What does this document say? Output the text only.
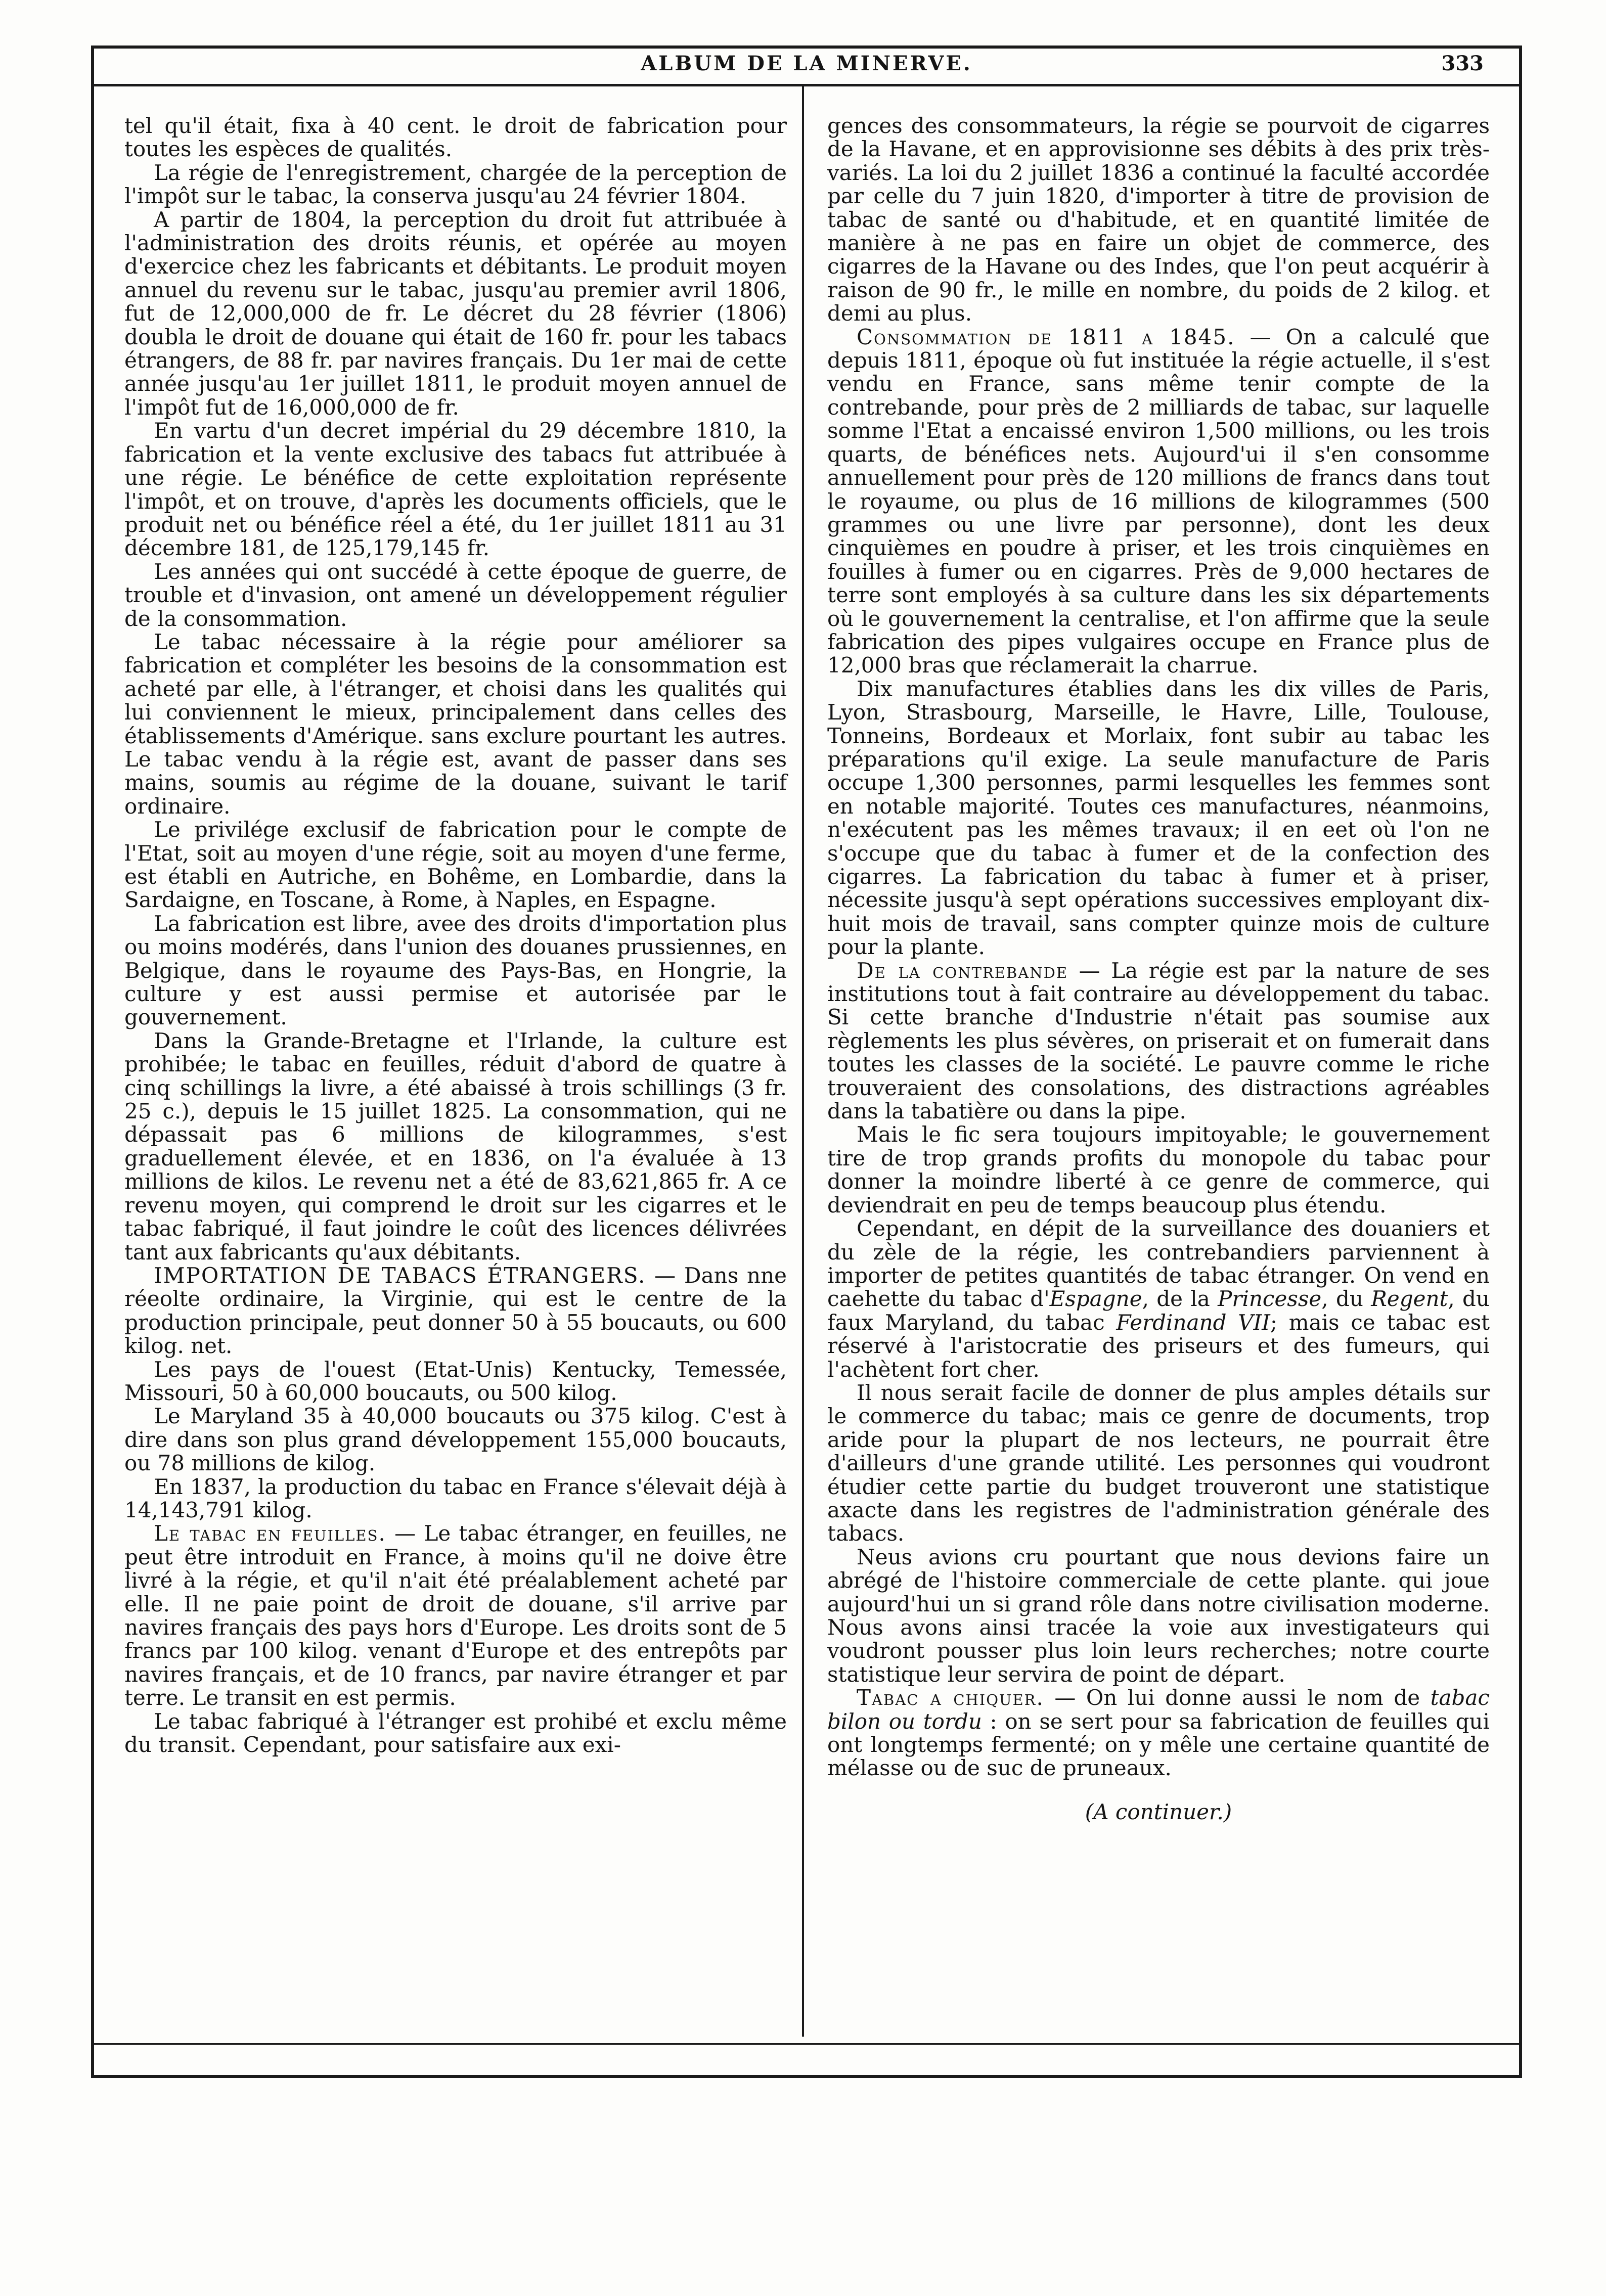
ALBUM DE LA MINERVE.	333

tel qu'il était, fixa à 40 cent. le droit de fabrication pour toutes les espèces de qualités.

La régie de l'enregistrement, chargée de la perception de l'impôt sur le tabac, la conserva jusqu'au 24 février 1804.

A partir de 1804, la perception du droit fut attribuée à l'administration des droits réunis, et opérée au moyen d'exercice chez les fabricants et débitants. Le produit moyen annuel du revenu sur le tabac, jusqu'au premier avril 1806, fut de 12,000,000 de fr. Le décret du 28 février (1806) doubla le droit de douane qui était de 160 fr. pour les tabacs étrangers, de 88 fr. par navires français. Du 1er mai de cette année jusqu'au 1er juillet 1811, le produit moyen annuel de l'impôt fut de 16,000,000 de fr.

En vartu d'un decret impérial du 29 décembre 1810, la fabrication et la vente exclusive des tabacs fut attribuée à une régie. Le bénéfice de cette exploitation représente l'impôt, et on trouve, d'après les documents officiels, que le produit net ou bénéfice réel a été, du 1er juillet 1811 au 31 décembre 181, de 125,179,145 fr.

Les années qui ont succédé à cette époque de guerre, de trouble et d'invasion, ont amené un développement régulier de la consommation.

Le tabac nécessaire à la régie pour améliorer sa fabrication et compléter les besoins de la consommation est acheté par elle, à l'étranger, et choisi dans les qualités qui lui conviennent le mieux, principalement dans celles des établissements d'Amérique. sans exclure pourtant les autres. Le tabac vendu à la régie est, avant de passer dans ses mains, soumis au régime de la douane, suivant le tarif ordinaire.

Le privilége exclusif de fabrication pour le compte de l'Etat, soit au moyen d'une régie, soit au moyen d'une ferme, est établi en Autriche, en Bohême, en Lombardie, dans la Sardaigne, en Toscane, à Rome, à Naples, en Espagne.

La fabrication est libre, avee des droits d'importation plus ou moins modérés, dans l'union des douanes prussiennes, en Belgique, dans le royaume des Pays-Bas, en Hongrie, la culture y est aussi permise et autorisée par le gouvernement.

Dans la Grande-Bretagne et l'Irlande, la culture est prohibée; le tabac en feuilles, réduit d'abord de quatre à cinq schillings la livre, a été abaissé à trois schillings (3 fr. 25 c.), depuis le 15 juillet 1825. La consommation, qui ne dépassait pas 6 millions de kilogrammes, s'est graduellement élevée, et en 1836, on l'a évaluée à 13 millions de kilos. Le revenu net a été de 83,621,865 fr. A ce revenu moyen, qui comprend le droit sur les cigarres et le tabac fabriqué, il faut joindre le coût des licences délivrées tant aux fabricants qu'aux débitants.

IMPORTATION DE TABACS ÉTRANGERS. — Dans nne réeolte ordinaire, la Virginie, qui est le centre de la production principale, peut donner 50 à 55 boucauts, ou 600 kilog. net.

Les pays de l'ouest (Etat-Unis) Kentucky, Temessée, Missouri, 50 à 60,000 boucauts, ou 500 kilog.

Le Maryland 35 à 40,000 boucauts ou 375 kilog. C'est à dire dans son plus grand développement 155,000 boucauts, ou 78 millions de kilog.

En 1837, la production du tabac en France s'élevait déjà à 14,143,791 kilog.

Le tabac en feuilles. — Le tabac étranger, en feuilles, ne peut être introduit en France, à moins qu'il ne doive être livré à la régie, et qu'il n'ait été préalablement acheté par elle. Il ne paie point de droit de douane, s'il arrive par navires français des pays hors d'Europe. Les droits sont de 5 francs par 100 kilog. venant d'Europe et des entrepôts par navires français, et de 10 francs, par navire étranger et par terre. Le transit en est permis.

Le tabac fabriqué à l'étranger est prohibé et exclu même du transit. Cependant, pour satisfaire aux exi-

gences des consommateurs, la régie se pourvoit de cigarres de la Havane, et en approvisionne ses débits à des prix très-variés. La loi du 2 juillet 1836 a continué la faculté accordée par celle du 7 juin 1820, d'importer à titre de provision de tabac de santé ou d'habitude, et en quantité limitée de manière à ne pas en faire un objet de commerce, des cigarres de la Havane ou des Indes, que l'on peut acquérir à raison de 90 fr., le mille en nombre, du poids de 2 kilog. et demi au plus.

Consommation de 1811 a 1845. — On a calculé que depuis 1811, époque où fut instituée la régie actuelle, il s'est vendu en France, sans même tenir compte de la contrebande, pour près de 2 milliards de tabac, sur laquelle somme l'Etat a encaissé environ 1,500 millions, ou les trois quarts, de bénéfices nets. Aujourd'ui il s'en consomme annuellement pour près de 120 millions de francs dans tout le royaume, ou plus de 16 millions de kilogrammes (500 grammes ou une livre par personne), dont les deux cinquièmes en poudre à priser, et les trois cinquièmes en fouilles à fumer ou en cigarres. Près de 9,000 hectares de terre sont employés à sa culture dans les six départements où le gouvernement la centralise, et l'on affirme que la seule fabrication des pipes vulgaires occupe en France plus de 12,000 bras que réclamerait la charrue.

Dix manufactures établies dans les dix villes de Paris, Lyon, Strasbourg, Marseille, le Havre, Lille, Toulouse, Tonneins, Bordeaux et Morlaix, font subir au tabac les préparations qu'il exige. La seule manufacture de Paris occupe 1,300 personnes, parmi lesquelles les femmes sont en notable majorité. Toutes ces manufactures, néanmoins, n'exécutent pas les mêmes travaux; il en eet où l'on ne s'occupe que du tabac à fumer et de la confection des cigarres. La fabrication du tabac à fumer et à priser, nécessite jusqu'à sept opérations successives employant dix-huit mois de travail, sans compter quinze mois de culture pour la plante.

De la contrebande — La régie est par la nature de ses institutions tout à fait contraire au développement du tabac. Si cette branche d'Industrie n'était pas soumise aux règlements les plus sévères, on priserait et on fumerait dans toutes les classes de la société. Le pauvre comme le riche trouveraient des consolations, des distractions agréables dans la tabatière ou dans la pipe.

Mais le fic sera toujours impitoyable; le gouvernement tire de trop grands profits du monopole du tabac pour donner la moindre liberté à ce genre de commerce, qui deviendrait en peu de temps beaucoup plus étendu.

Cependant, en dépit de la surveillance des douaniers et du zèle de la régie, les contrebandiers parviennent à importer de petites quantités de tabac étranger. On vend en caehette du tabac d'Espagne, de la Princesse, du Regent, du faux Maryland, du tabac Ferdinand VII; mais ce tabac est réservé à l'aristocratie des priseurs et des fumeurs, qui l'achètent fort cher.

Il nous serait facile de donner de plus amples détails sur le commerce du tabac; mais ce genre de documents, trop aride pour la plupart de nos lecteurs, ne pourrait être d'ailleurs d'une grande utilité. Les personnes qui voudront étudier cette partie du budget trouveront une statistique axacte dans les registres de l'administration générale des tabacs.

Neus avions cru pourtant que nous devions faire un abrégé de l'histoire commerciale de cette plante. qui joue aujourd'hui un si grand rôle dans notre civilisation moderne. Nous avons ainsi tracée la voie aux investigateurs qui voudront pousser plus loin leurs recherches; notre courte statistique leur servira de point de départ.

Tabac a chiquer. — On lui donne aussi le nom de tabac bilon ou tordu : on se sert pour sa fabrication de feuilles qui ont longtemps fermenté; on y mêle une certaine quantité de mélasse ou de suc de pruneaux.

(A continuer.)
